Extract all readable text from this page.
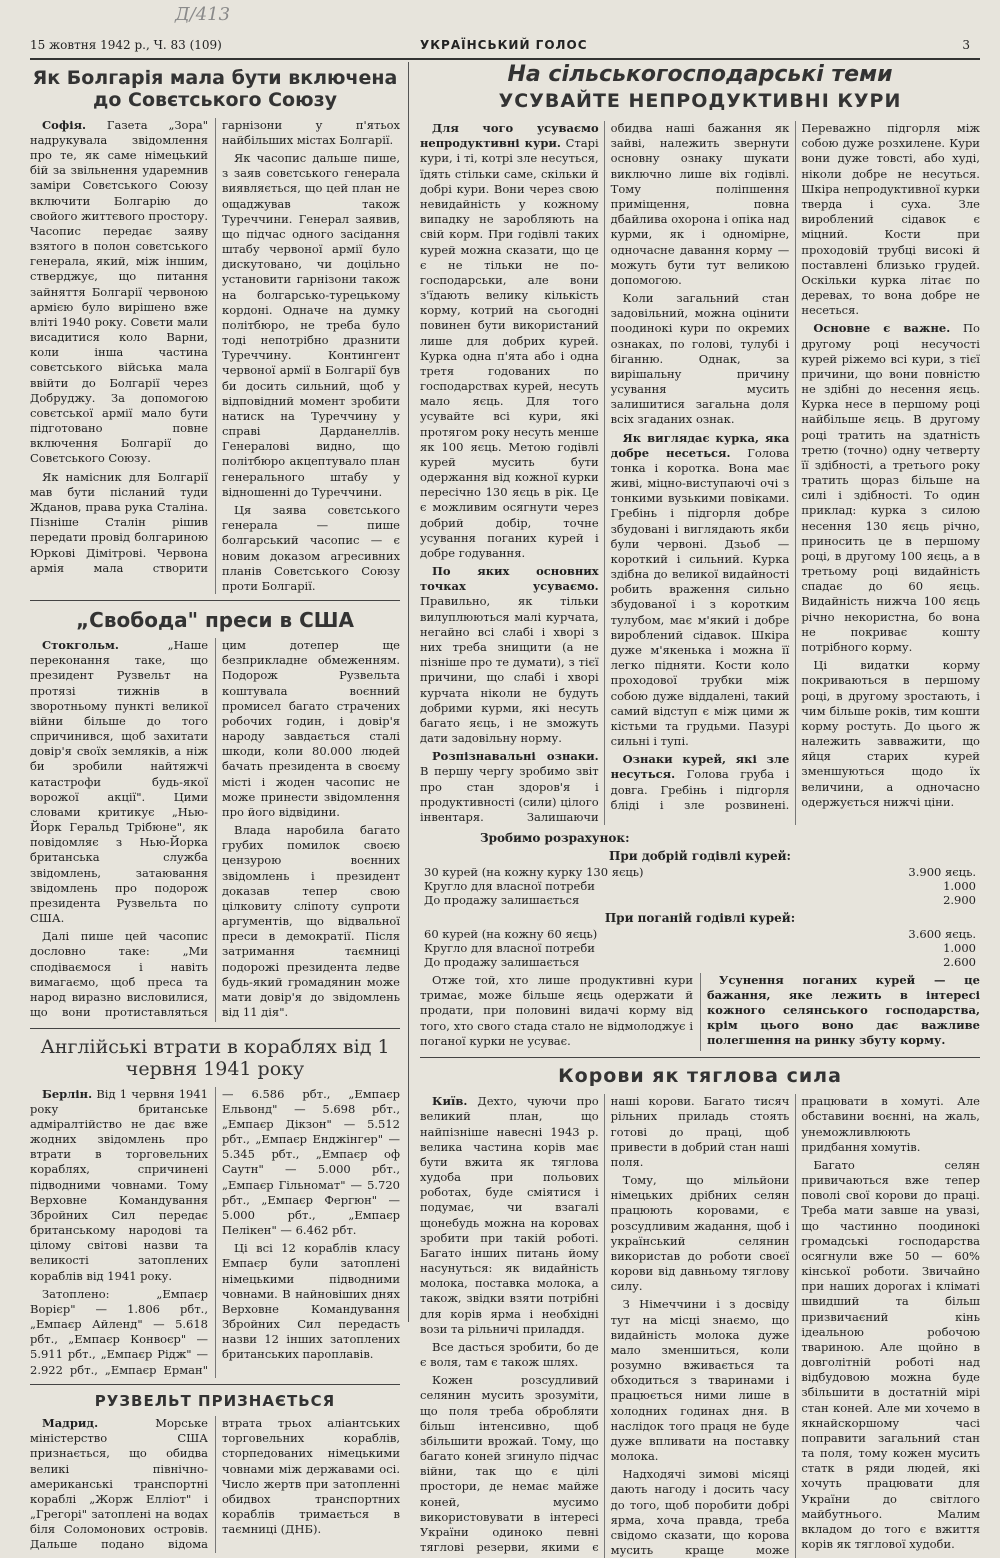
Д/413
15 жовтня 1942 р., Ч. 83 (109)	УКРАЇНСЬКИЙ ГОЛОС	3
Як Болгарія мала бути включена до Совєтського Союзу

Софія. Газета „Зора" надрукувала звідомлення про те, як саме німецький бій за звільнення ударемнив заміри Совєтського Союзу включити Болгарію до свойого життєвого простору. Часопис передає заяву взятого в полон совєтського генерала, який, між іншим, стверджує, що питання зайняття Болгарії червоною армією було вирішено вже вліті 1940 року. Совєти мали висадитися коло Варни, коли інша частина совєтського війська мала ввійти до Болгарії через Добруджу. За допомогою совєтської армії мало бути підготовано повне включення Болгарії до Совєтського Союзу.

Як намісник для Болгарії мав бути післаний туди Жданов, права рука Сталіна. Пізніше Сталін рішив передати провід болгариною Юркові Дімітрові. Червона армія мала створити гарнізони у п'ятьох найбільших містах Болгарії.

Як часопис дальше пише, з заяв совєтського генерала виявляється, що цей план не ощаджував також Туреччини. Генерал заявив, що підчас одного засідання штабу червоної армії було дискутовано, чи доцільно установити гарнізони також на болгарсько-турецькому кордоні. Одначе на думку політбюро, не треба було тоді непотрібно дразнити Туреччину. Контингент червоної армії в Болгарії був би досить сильний, щоб у відповідний момент зробити натиск на Туреччину у справі Дарданеллів. Генералові видно, що політбюро акцептувало план генерального штабу у відношенні до Туреччини.

Ця заява совєтського генерала — пише болгарський часопис — є новим доказом агресивних планів Совєтського Союзу проти Болгарії.

„Свобода" преси в США

Стокгольм.	„Наше переконання таке, що президент Рузвельт на протязі тижнів в зворотньому пункті великої війни більше до того спричинився, щоб захитати довір'я своїх земляків, а ніж би зробили найтяжчі катастрофи будь-якої ворожої акції". Цими словами критикує „Нью-Йорк Геральд Трібюне", як повідомляє з Нью-Йорка британська служба звідомлень, затаювання звідомлень про подорож президента Рузвельта по США.

Далі пише цей часопис дословно таке: „Ми сподіваємося і навіть вимагаємо, щоб преса та народ виразно висловилися, що вони протиставляться цим дотепер ще безприкладне обмеженням. Подорож Рузвельта коштувала воєнний промисел багато страчених робочих годин, і довір'я народу завдається сталі шкоди, коли 80.000 людей бачать президента в своєму місті і жоден часопис не може принести звідомлення про його відвідини.

Влада наробила багато грубих помилок своєю цензурою воєнних звідомлень і президент доказав тепер свою цілковиту сліпоту супроти аргументів, що відвальної преси в демократії. Після затримання таємниці подорожі президента ледве будь-який громадянин може мати довір'я до звідомлень від 11 дія".

Англійські втрати в кораблях від 1 червня 1941 року

Берлін. Від 1 червня 1941 року британське адміралтійство не дає вже жодних звідомлень про втрати в торговельних кораблях, спричинені підводними човнами. Тому Верховне Командування Збройних Сил передає британському народові та цілому світові назви та великості затоплених кораблів від 1941 року.

Затоплено: „Емпаєр Ворієр" — 1.806 рбт., „Емпаєр Айленд" — 5.618 рбт., „Емпаєр Конвоєр" — 5.911 рбт., „Емпаєр Рідж" — 2.922 рбт., „Емпаєр Ерман" — 6.586 рбт., „Емпаєр Ельвонд" — 5.698 рбт., „Емпаєр Дікзон" — 5.512 рбт., „Емпаєр Енджінгер" — 5.345 рбт., „Емпаєр оф Саутн" — 5.000 рбт., „Емпаєр Гільномат" — 5.720 рбт., „Емпаєр Фергюн" — 5.000 рбт., „Емпаєр Пелікен" — 6.462 рбт.

Ці всі 12 кораблів класу Емпаєр були затоплені німецькими підводними човнами. В найновіших днях Верховне Командування Збройних Сил передасть назви 12 інших затоплених британських пароплавів.

РУЗВЕЛЬТ ПРИЗНАЄТЬСЯ

Мадрид.	Морське міністерство США признається, що обидва великі північно-американські транспортні кораблі „Жорж Елліот" і „Грегорі" затоплені на водах біля Соломонових островів. Дальше подано відома втрата трьох аліантських торговельних кораблів, сторпедованих німецькими човнами між державами осі. Число жертв при затопленні обидвох транспортних кораблів тримається в таємниці (ДНБ).

На сільськогосподарські теми
УСУВАЙТЕ НЕПРОДУКТИВНІ КУРИ

Для чого усуваємо непродуктивні кури. Старі кури, і ті, котрі зле несуться, їдять стільки саме, скільки й добрі кури. Вони через свою невидайність у кожному випадку не заробляють на свій корм. При годівлі таких курей можна сказати, що це є не тільки не по-господарськи, але вони з'їдають велику кількість корму, котрий на сьогодні повинен бути використаний лише для добрих курей. Курка одна п'ята або і одна третя годованих по господарствах курей, несуть мало яєць. Для того усувайте всі кури, які протягом року несуть менше як 100 яєць. Метою годівлі курей мусить бути одержання від кожної курки пересічно 130 яєць в рік. Це є можливим осягнути через добрий добір, точне усування поганих курей і добре годування.

По яких основних точках усуваємо. Правильно, як тільки вилуплюються малі курчата, негайно всі слабі і хворі з них треба знищити (а не пізніше про те думати), з тієї причини, що слабі і хворі курчата ніколи не будуть добрими курми, які несуть багато яєць, і не зможуть дати задовільну норму.

Розпізнавальні ознаки. В першу чергу зробимо звіт про стан здоров'я і продуктивності (сили) цілого інвентаря. Залишаючи обидва наші бажання як зайві, належить звернути основну ознаку шукати виключно лише віх годівлі. Тому поліпшення приміщення, повна дбайлива охорона і опіка над курми, як і одномірне, одночасне давання корму — можуть бути тут великою допомогою.

Коли загальний стан задовільний, можна оцінити поодинокі кури по окремих ознаках, по голові, тулубі і біганню. Однак, за вирішальну причину усування мусить залишитися загальна доля всіх згаданих ознак.

Як виглядає курка, яка добре несеться. Голова тонка і коротка. Вона має живі, міцно-виступаючі очі з тонкими вузькими повіками. Гребінь і підгорля добре збудовані і виглядають якби були червоні. Дзьоб — короткий і сильний. Курка здібна до великої видайності робить враження сильно збудованої і з коротким тулубом, має м'який і добре вироблений сідавок. Шкіра дуже м'якенька і можна її легко підняти. Кости коло проходової трубки між собою дуже віддалені, такий самий відступ є між цими ж кістьми та грудьми. Пазурі сильні і тупі.

Ознаки курей, які зле несуться. Голова груба і довга. Гребінь і підгорля бліді і зле розвинені. Переважно підгорля між собою дуже розхилене. Кури вони дуже товсті, або худі, ніколи добре не несуться. Шкіра непродуктивної курки тверда і суха. Зле вироблений сідавок є міцний. Кости при проходовій трубці високі й поставлені близько грудей. Оскільки курка літає по деревах, то вона добре не несеться.

Основне є важне. По другому році несучості курей ріжемо всі кури, з тієї причини, що вони повністю не здібні до несення яєць. Курка несе в першому році найбільше яєць. В другому році тратить на здатність третю (точно) одну четверту її здібності, а третього року тратить щораз більше на силі і здібності. То один приклад: курка з силою несення 130 яєць річно, приносить це в першому році, в другому 100 яєць, а в третьому році видайність спадає до 60 яєць. Видайність нижча 100 яєць річно некористна, бо вона не покриває кошту потрібного корму.

Ці видатки корму покриваються в першому році, в другому зростають, і чим більше років, тим кошти корму ростуть. До цього ж належить завважити, що яйця старих курей зменшуються щодо їх величини, а одночасно одержується нижчі ціни.

Зробимо розрахунок:
При добрій годівлі курей:
30 курей (на кожну курку 130 яєць)	3.900 яєць.
Кругло для власної потреби	1.000
До продажу залишається	2.900
При поганій годівлі курей:
60 курей (на кожну 60 яєць)	3.600 яєць.
Кругло для власної потреби	1.000
До продажу залишається	2.600

Отже той, хто лише продуктивні кури тримає, може більше яєць одержати й продати, при половині видачі корму від того, хто свого стада стало не відмолоджує і поганої курки не усуває.

Усунення поганих курей — це бажання, яке лежить в інтересі кожного селянського господарства, крім цього воно дає важливе полегшення на ринку збуту корму.

Корови як тяглова сила

Київ. Дехто, чуючи про великий план, що найпізніше навесні 1943 р. велика частина корів має бути вжита як тяглова худоба при польових роботах, буде сміятися і подумає, чи взагалі щонебудь можна на коровах зробити при такій роботі. Багато інших питань йому насунуться: як видайність молока, поставка молока, а також, звідки взяти потрібні для корів ярма і необхідні вози та рільничі приладдя.

Все дасться зробити, бо де є воля, там є також шлях.

Кожен розсудливий селянин мусить зрозуміти, що поля треба обробляти більш інтенсивно, щоб збільшити врожай. Тому, що багато коней згинуло підчас війни, так що є цілі простори, де немає майже коней, мусимо використовувати в інтересі України одиноко певні тяглові резерви, якими є наші корови. Багато тисяч рільних приладь стоять готові до праці, щоб привести в добрий стан наші поля.

Тому, що мільйони німецьких дрібних селян працюють коровами, є розсудливим жадання, щоб і український селянин використав до роботи своєї корови від давньому тяглову силу.

З Німеччини і з досвіду тут на місці знаємо, що видайність молока дуже мало зменшиться, коли розумно вживається та обходиться з тваринами і працюється ними лише в холодних годинах дня. В наслідок того праця не буде дуже впливати на поставку молока.

Надходячі зимові місяці дають нагоду і досить часу до того, щоб поробити добрі ярма, хоча правда, треба свідомо сказати, що корова мусить краще може працювати в хомуті. Але обставини воєнні, на жаль, унеможливлюють придбання хомутів.

Багато селян привичаються вже тепер поволі свої корови до праці. Треба мати завше на увазі, що частинно поодинокі громадські господарства осягнули вже 50 — 60% кінської роботи. Звичайно при наших дорогах і кліматі швидший та більш призвичаєний кінь ідеальною робочою твариною. Але щойно в довголітній роботі над відбудовою можна буде збільшити в достатній мірі стан коней. Але ми хочемо в якнайскоршому часі поправити загальний стан та поля, тому кожен мусить статк в ряди людей, які хочуть працювати для України до світлого майбутнього. Малим вкладом до того є вжиття корів як тяглової худоби.
